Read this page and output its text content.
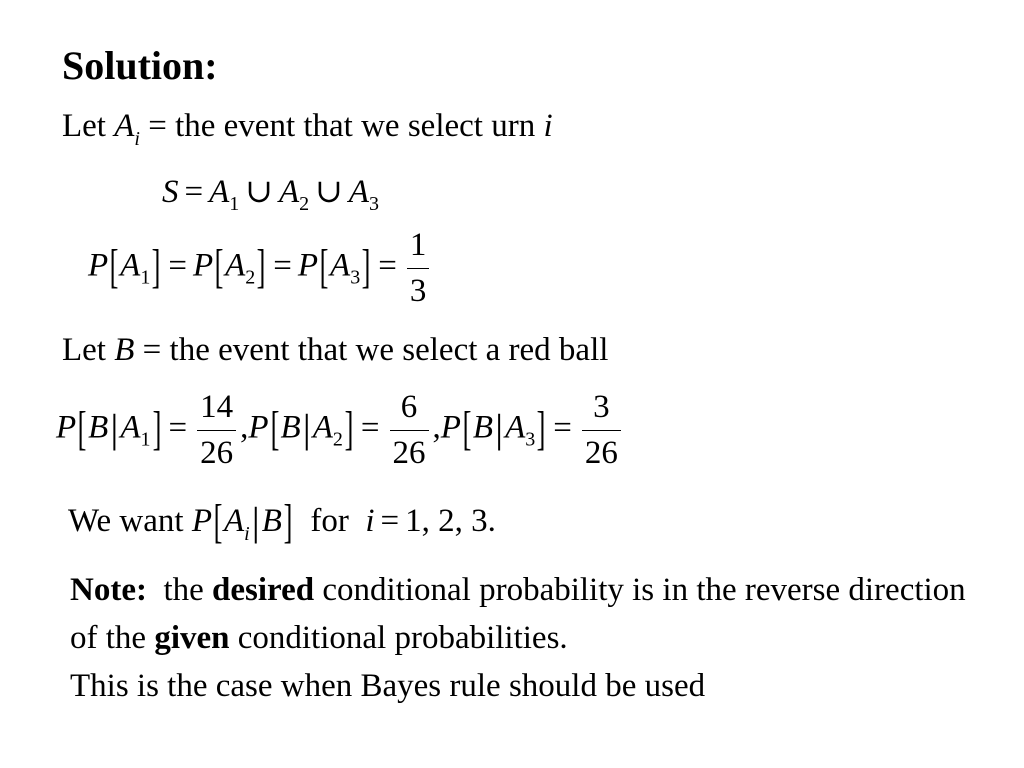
Solution:
Let $A_i$ = the event that we select urn i
$S = A_1$ ∪ $A_2$ ∪ $A_3$
$P[A_1] = P[A_2] = P[A_3] = \frac{1}{3}$
Let B = the event that we select a red ball
$P[B|A_1] = \frac{14}{26} ,P[B|A_2] = \frac{6}{26} ,P[B|A_3] = \frac{3}{26}$
We want $P[A_i|B]$ for i = 1, 2, 3.
Note: the desired conditional probability is in the reverse direction of the given conditional probabilities.
This is the case when Bayes rule should be used
